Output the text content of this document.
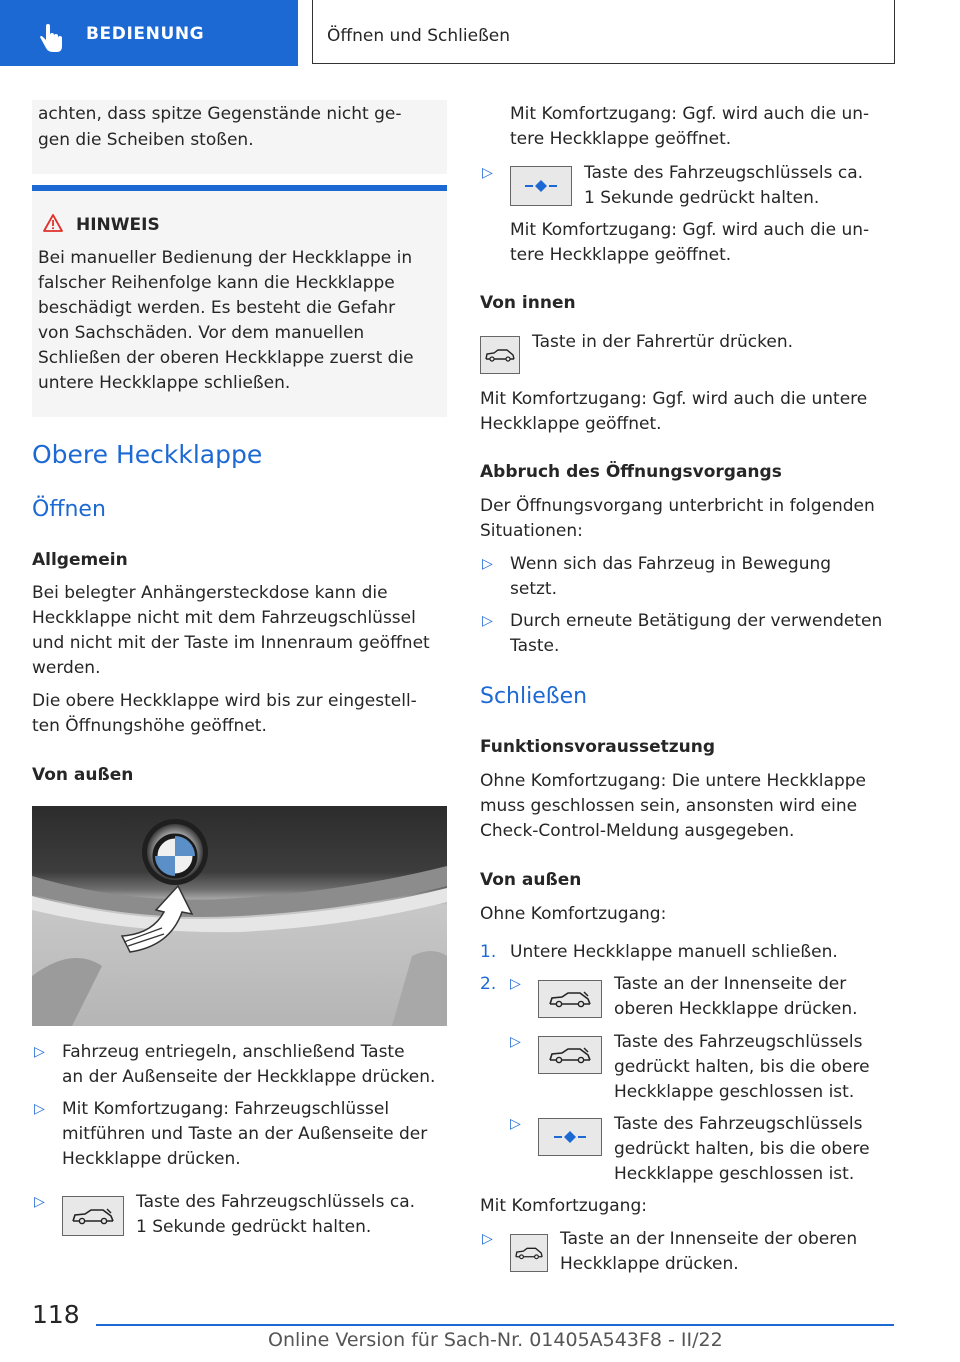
BEDIENUNG	Öffnen und Schließen

achten, dass spitze Gegenstände nicht ge-

gen die Scheiben stoßen.

HINWEIS

Bei manueller Bedienung der Heckklappe in

falscher Reihenfolge kann die Heckklappe

beschädigt werden. Es besteht die Gefahr

von Sachschäden. Vor dem manuellen

Schließen der oberen Heckklappe zuerst die

untere Heckklappe schließen.

Obere Heckklappe

Öffnen

Allgemein

Bei belegter Anhängersteckdose kann die

Heckklappe nicht mit dem Fahrzeugschlüssel

und nicht mit der Taste im Innenraum geöffnet

werden.

Die obere Heckklappe wird bis zur eingestell-

ten Öffnungshöhe geöffnet.

Von außen

▷ Fahrzeug entriegeln, anschließend Taste

an der Außenseite der Heckklappe drücken.

▷ Mit Komfortzugang: Fahrzeugschlüssel

mitführen und Taste an der Außenseite der

Heckklappe drücken.

▷	Taste des Fahrzeugschlüssels ca.

1 Sekunde gedrückt halten.

Mit Komfortzugang: Ggf. wird auch die un-

tere Heckklappe geöffnet.

▷	Taste des Fahrzeugschlüssels ca.

1 Sekunde gedrückt halten.

Mit Komfortzugang: Ggf. wird auch die un-

tere Heckklappe geöffnet.

Von innen

Taste in der Fahrertür drücken.

Mit Komfortzugang: Ggf. wird auch die untere

Heckklappe geöffnet.

Abbruch des Öffnungsvorgangs

Der Öffnungsvorgang unterbricht in folgenden

Situationen:

▷ Wenn sich das Fahrzeug in Bewegung

setzt.

▷ Durch erneute Betätigung der verwendeten

Taste.

Schließen

Funktionsvoraussetzung

Ohne Komfortzugang: Die untere Heckklappe

muss geschlossen sein, ansonsten wird eine

Check-Control-Meldung ausgegeben.

Von außen

Ohne Komfortzugang:

1. Untere Heckklappe manuell schließen.

2. ▷	Taste an der Innenseite der

oberen Heckklappe drücken.

▷	Taste des Fahrzeugschlüssels

gedrückt halten, bis die obere

Heckklappe geschlossen ist.

▷	Taste des Fahrzeugschlüssels

gedrückt halten, bis die obere

Heckklappe geschlossen ist.

Mit Komfortzugang:

▷	Taste an der Innenseite der oberen

Heckklappe drücken.

118
Online Version für Sach-Nr. 01405A543F8 - II/22
